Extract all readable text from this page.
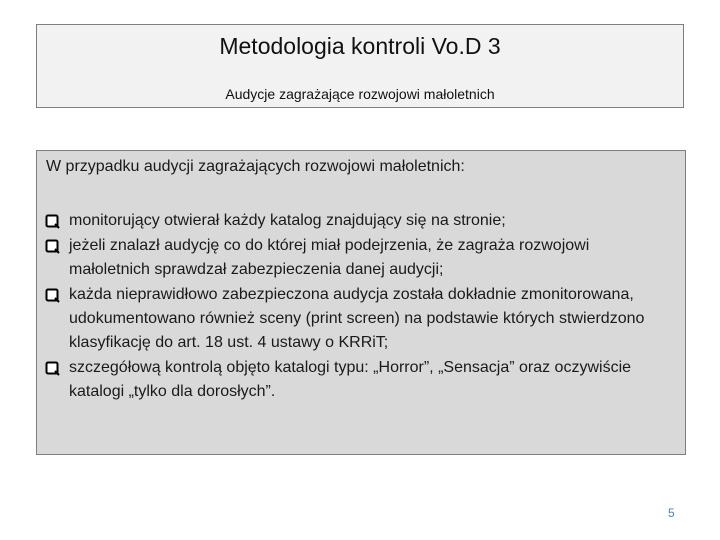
Metodologia kontroli Vo.D 3

Audycje zagrażające rozwojowi małoletnich

W przypadku audycji zagrażających rozwojowi małoletnich:

monitorujący otwierał każdy katalog znajdujący się na stronie;
jeżeli znalazł audycję co do której miał podejrzenia, że zagraża rozwojowi małoletnich sprawdzał zabezpieczenia danej audycji;
każda nieprawidłowo zabezpieczona audycja została dokładnie zmonitorowana, udokumentowano również sceny (print screen) na podstawie których stwierdzono klasyfikację do art. 18 ust. 4 ustawy o KRRiT;
szczegółową kontrolą objęto katalogi typu: „Horror”, „Sensacja” oraz oczywiście katalogi „tylko dla dorosłych”.
5
